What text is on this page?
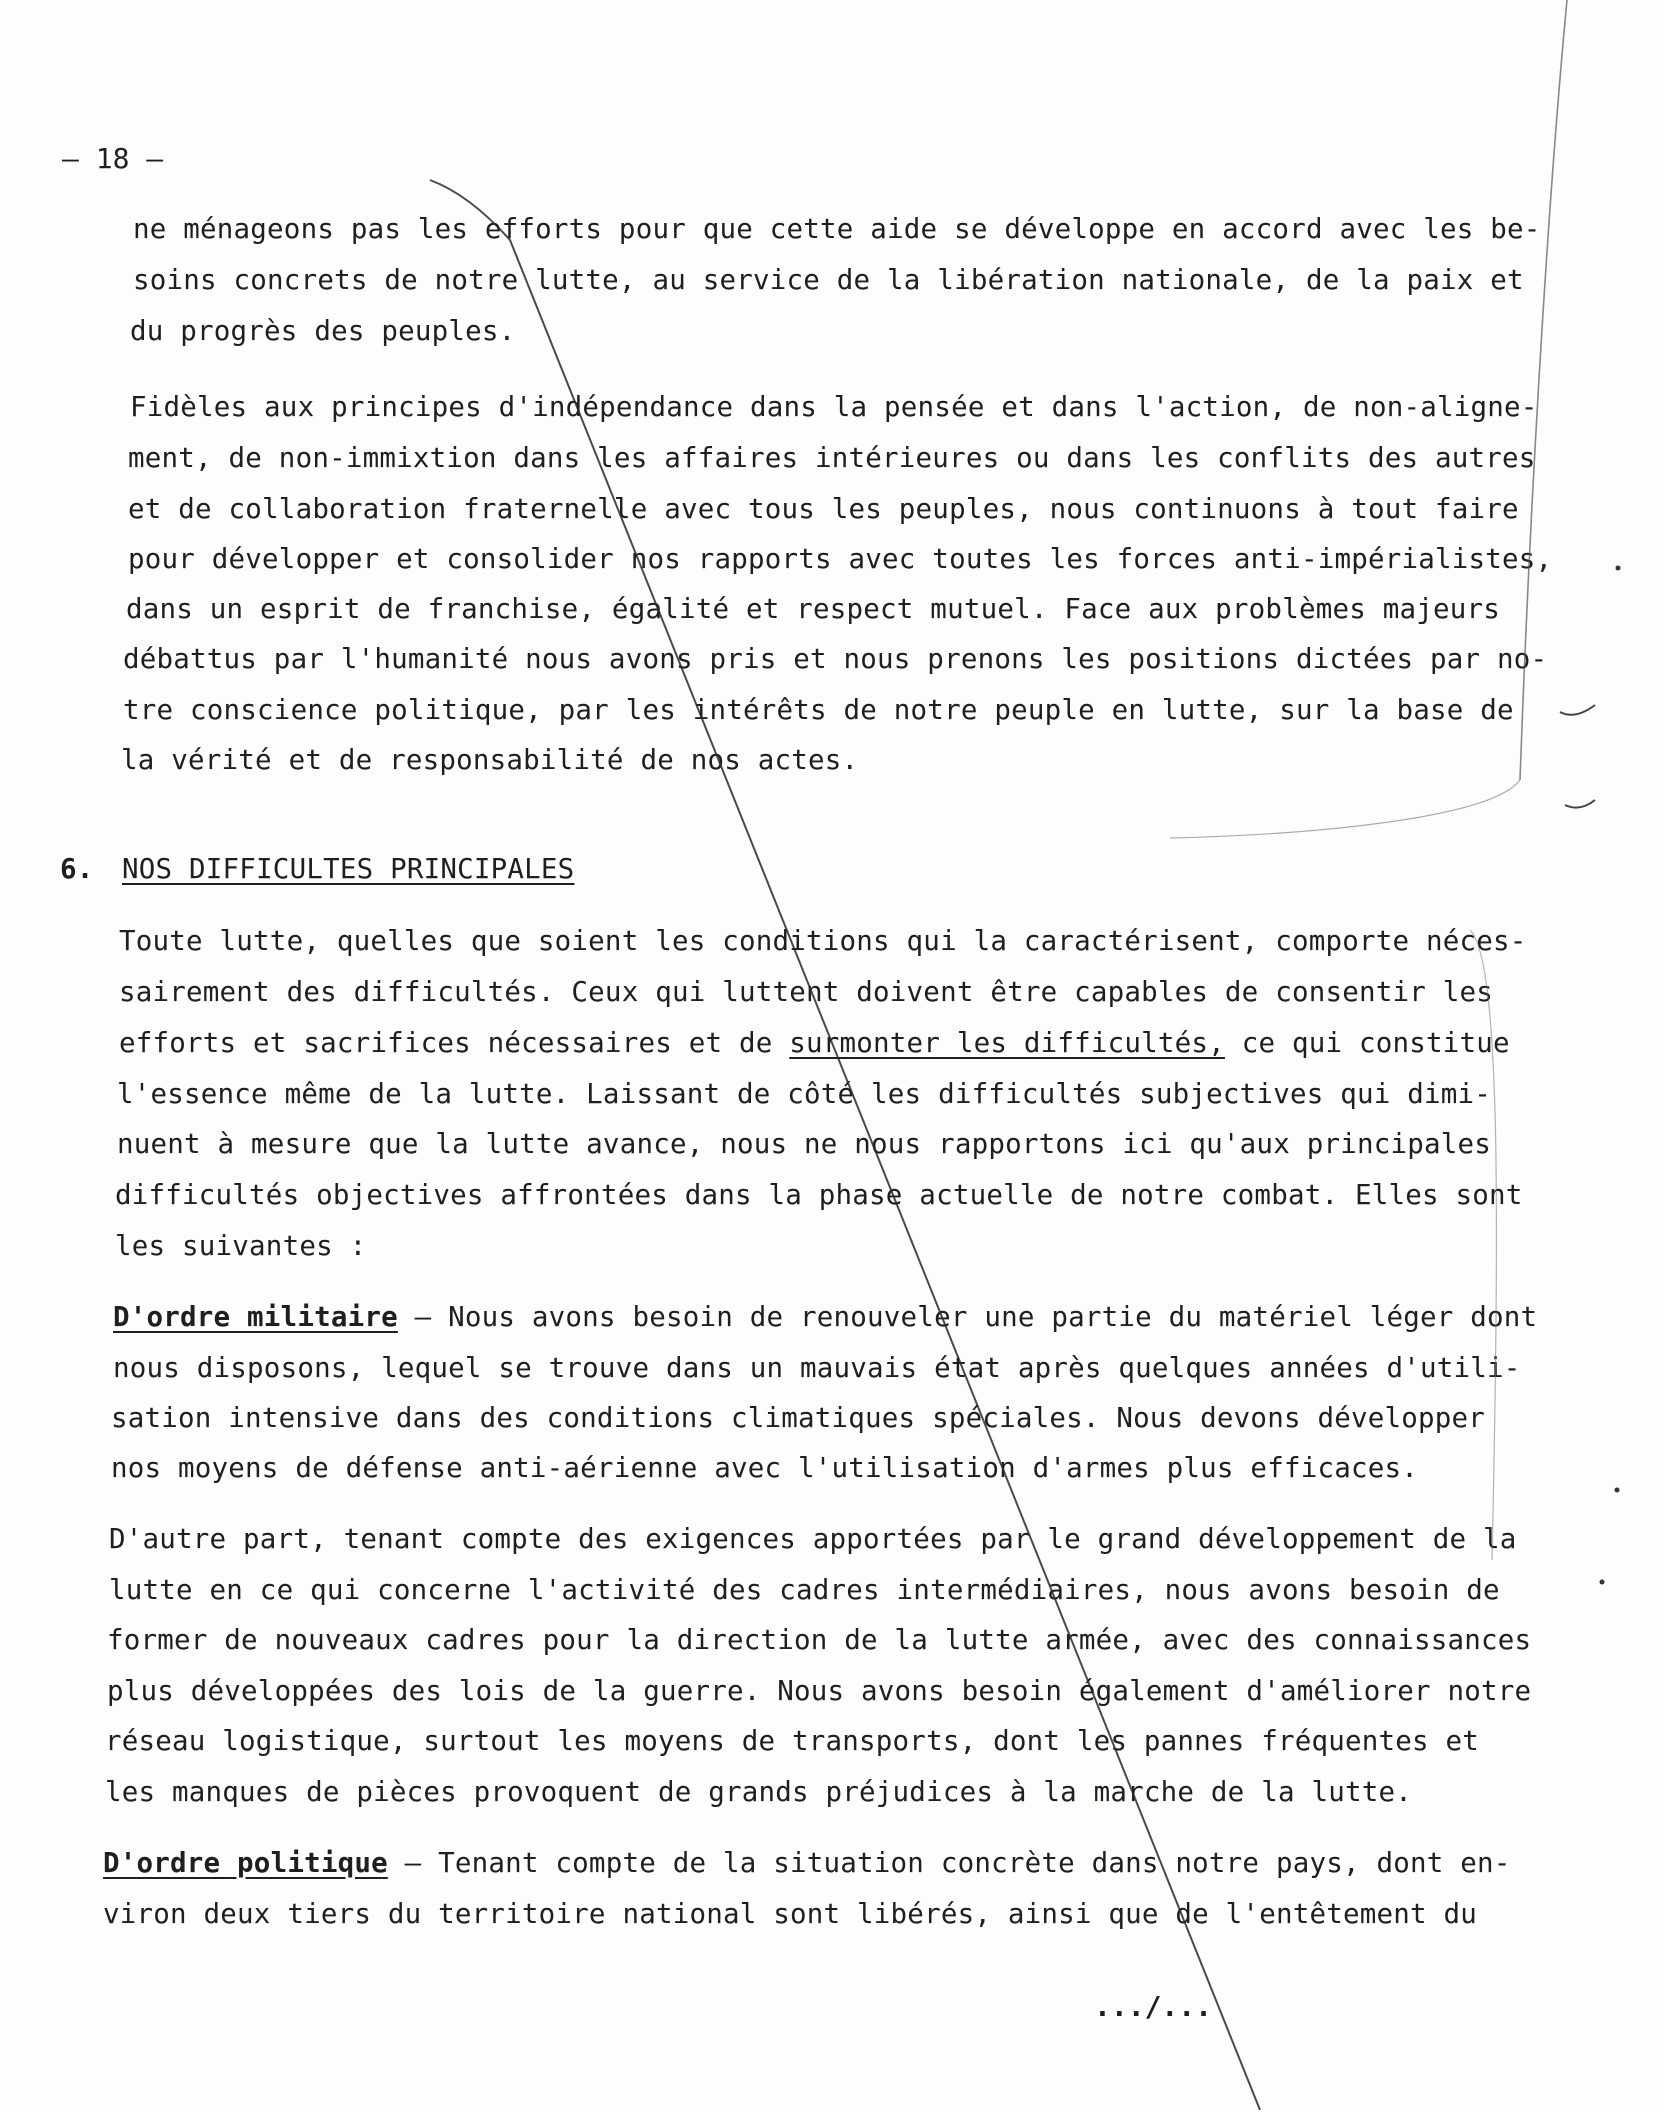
– 18 –
ne ménageons pas les efforts pour que cette aide se développe en accord avec les be-
soins concrets de notre lutte, au service de la libération nationale, de la paix et
du progrès des peuples.
Fidèles aux principes d'indépendance dans la pensée et dans l'action, de non-aligne-
ment, de non-immixtion dans les affaires intérieures ou dans les conflits des autres
et de collaboration fraternelle avec tous les peuples, nous continuons à tout faire
pour développer et consolider nos rapports avec toutes les forces anti-impérialistes,
dans un esprit de franchise, égalité et respect mutuel. Face aux problèmes majeurs
débattus par l'humanité nous avons pris et nous prenons les positions dictées par no-
tre conscience politique, par les intérêts de notre peuple en lutte, sur la base de
la vérité et de responsabilité de nos actes.
6. NOS DIFFICULTES PRINCIPALES
Toute lutte, quelles que soient les conditions qui la caractérisent, comporte néces-
sairement des difficultés. Ceux qui luttent doivent être capables de consentir les
efforts et sacrifices nécessaires et de surmonter les difficultés, ce qui constitue
l'essence même de la lutte. Laissant de côté les difficultés subjectives qui dimi-
nuent à mesure que la lutte avance, nous ne nous rapportons ici qu'aux principales
difficultés objectives affrontées dans la phase actuelle de notre combat. Elles sont
les suivantes :
D'ordre militaire – Nous avons besoin de renouveler une partie du matériel léger dont
nous disposons, lequel se trouve dans un mauvais état après quelques années d'utili-
sation intensive dans des conditions climatiques spéciales. Nous devons développer
nos moyens de défense anti-aérienne avec l'utilisation d'armes plus efficaces.
D'autre part, tenant compte des exigences apportées par le grand développement de la
lutte en ce qui concerne l'activité des cadres intermédiaires, nous avons besoin de
former de nouveaux cadres pour la direction de la lutte armée, avec des connaissances
plus développées des lois de la guerre. Nous avons besoin également d'améliorer notre
réseau logistique, surtout les moyens de transports, dont les pannes fréquentes et
les manques de pièces provoquent de grands préjudices à la marche de la lutte.
D'ordre politique – Tenant compte de la situation concrète dans notre pays, dont en-
viron deux tiers du territoire national sont libérés, ainsi que de l'entêtement du
.../...
